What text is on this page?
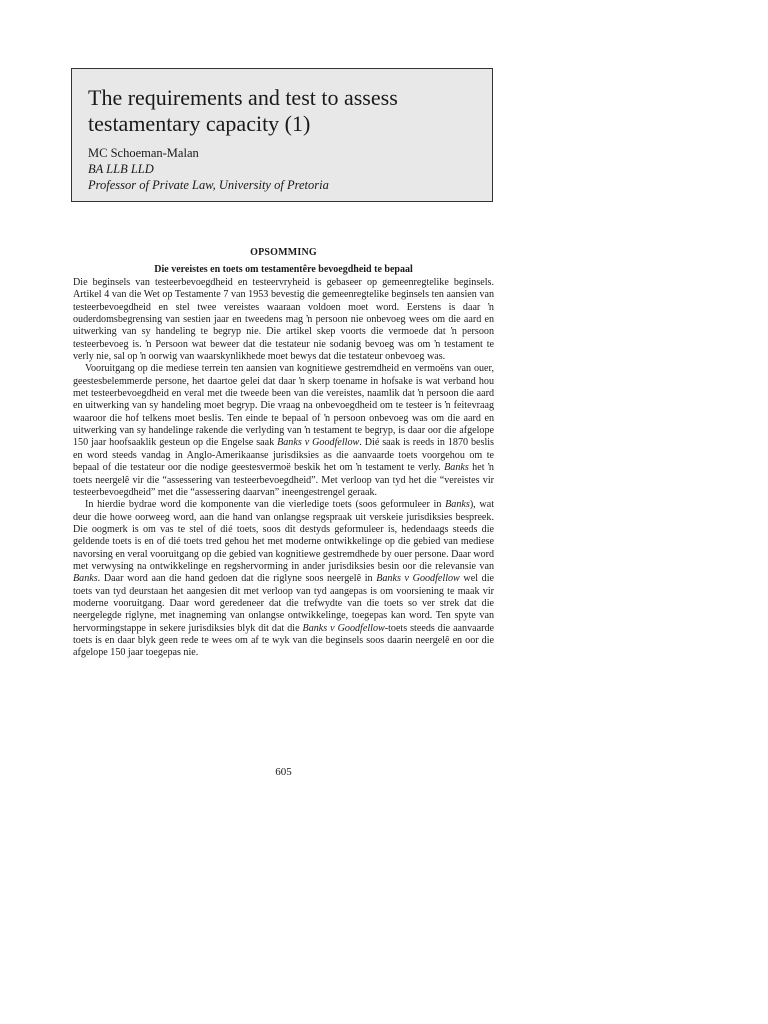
The requirements and test to assess testamentary capacity (1)
MC Schoeman-Malan
BA LLB LLD
Professor of Private Law, University of Pretoria
OPSOMMING
Die vereistes en toets om testamentêre bevoegdheid te bepaal

Die beginsels van testeerbevoegdheid en testeervryheid is gebaseer op gemeenregtelike beginsels. Artikel 4 van die Wet op Testamente 7 van 1953 bevestig die gemeenregtelike beginsels ten aansien van testeerbevoegdheid en stel twee vereistes waaraan voldoen moet word. Eerstens is daar ŉ ouderdomsbegrensing van sestien jaar en tweedens mag ŉ persoon nie onbevoeg wees om die aard en uitwerking van sy handeling te begryp nie. Die artikel skep voorts die vermoede dat ŉ persoon testeerbevoeg is. ŉ Persoon wat beweer dat die testateur nie sodanig bevoeg was om ŉ testament te verly nie, sal op ŉ oorwig van waarskynlikhede moet bewys dat die testateur onbevoeg was.

Vooruitgang op die mediese terrein ten aansien van kognitiewe gestremdheid en vermoëns van ouer, geestesbelemmerde persone, het daartoe gelei dat daar ŉ skerp toename in hofsake is wat verband hou met testeerbevoegdheid en veral met die tweede been van die vereistes, naamlik dat ŉ persoon die aard en uitwerking van sy handeling moet begryp. Die vraag na onbevoegdheid om te testeer is ŉ feitevraag waaroor die hof telkens moet beslis. Ten einde te bepaal of ŉ persoon onbevoeg was om die aard en uitwerking van sy handelinge rakende die verlyding van ŉ testament te begryp, is daar oor die afgelope 150 jaar hoofsaaklik gesteun op die Engelse saak Banks v Goodfellow. Dié saak is reeds in 1870 beslis en word steeds vandag in Anglo-Amerikaanse jurisdiksies as die aanvaarde toets voorgehou om te bepaal of die testateur oor die nodige geestesvermoë beskik het om ŉ testament te verly. Banks het ŉ toets neergelê vir die “assessering van testeerbevoegdheid”. Met verloop van tyd het die “vereistes vir testeerbevoegdheid” met die “assessering daarvan” ineengestrengel geraak.

In hierdie bydrae word die komponente van die vierledige toets (soos geformuleer in Banks), wat deur die howe oorweeg word, aan die hand van onlangse regspraak uit verskeie jurisdiksies bespreek. Die oogmerk is om vas te stel of dié toets, soos dit destyds geformuleer is, hedendaags steeds die geldende toets is en of dié toets tred gehou het met moderne ontwikkelinge op die gebied van mediese navorsing en veral vooruitgang op die gebied van kognitiewe gestremdhede by ouer persone. Daar word met verwysing na ontwikkelinge en regshervorming in ander jurisdiksies besin oor die relevansie van Banks. Daar word aan die hand gedoen dat die riglyne soos neergelê in Banks v Goodfellow wel die toets van tyd deurstaan het aangesien dit met verloop van tyd aangepas is om voorsiening te maak vir moderne vooruitgang. Daar word geredeneer dat die trefwydte van die toets so ver strek dat die neergelegde riglyne, met inagneming van onlangse ontwikkelinge, toegepas kan word. Ten spyte van hervormingstappe in sekere jurisdiksies blyk dit dat die Banks v Goodfellow-toets steeds die aanvaarde toets is en daar blyk geen rede te wees om af te wyk van die beginsels soos daarin neergelê en oor die afgelope 150 jaar toegepas nie.

605
